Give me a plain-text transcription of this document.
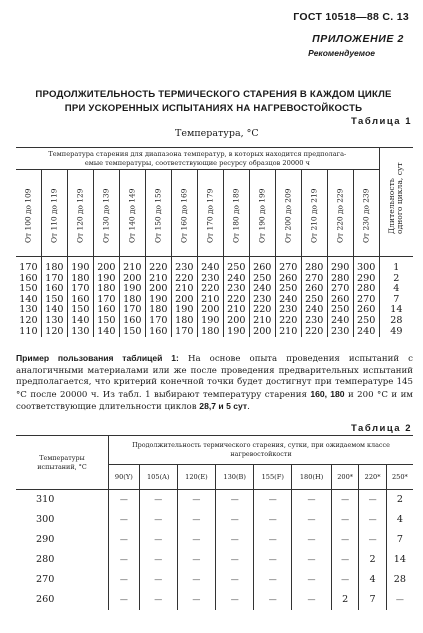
ГОСТ 10518—88 С. 13
ПРИЛОЖЕНИЕ 2
Рекомендуемое
ПРОДОЛЖИТЕЛЬНОСТЬ ТЕРМИЧЕСКОГО СТАРЕНИЯ В КАЖДОМ ЦИКЛЕ
ПРИ УСКОРЕННЫХ ИСПЫТАНИЯХ НА НАГРЕВОСТОЙКОСТЬ
Таблица 1
Температура, °С
Температура старения для диапазона температур, в которых находится предполага-
емые температуры, соответствующие ресурсу образцов 20000 ч														Длительность одного цикла, сут

От 100 до 109	От 110 до 119	От 120 до 129	От 130 до 139	От 140 до 149	От 150 до 159	От 160 до 169	От 170 до 179	От 180 до 189	От 190 до 199	От 200 до 209	От 210 до 219	От 220 до 229	От 230 до 239	

170	180	190	200	210	220	230	240	250	260	270	280	290	300	1
160	170	180	190	200	210	220	230	240	250	260	270	280	290	2
150	160	170	180	190	200	210	220	230	240	250	260	270	280	4
140	150	160	170	180	190	200	210	220	230	240	250	260	270	7
130	140	150	160	170	180	190	200	210	220	230	240	250	260	14
120	130	140	150	160	170	180	190	200	210	220	230	240	250	28
110	120	130	140	150	160	170	180	190	200	210	220	230	240	49
Пример пользования таблицей 1: На основе опыта проведения испытаний с аналогичными материалами или же после проведения предварительных испытаний предполагается, что критерий конечной точки будет достигнут при температуре 145 °С после 20000 ч. Из табл. 1 выбирают температуру старения 160, 180 и 200 °С и им соответствующие длительности циклов 28,7 и 5 сут.
Таблица 2
Температуры испытаний, °С	Продолжительность термического старения, сутки, при ожидаемом классе нагревостойкости								
	90(Y)	105(A)	120(E)	130(B)	155(F)	180(H)	200*	220*	250*
310	—	—	—	—	—	—	—	—	2
300	—	—	—	—	—	—	—	—	4
290	—	—	—	—	—	—	—	—	7
280	—	—	—	—	—	—	—	2	14
270	—	—	—	—	—	—	—	4	28
260	—	—	—	—	—	—	2	7	—
